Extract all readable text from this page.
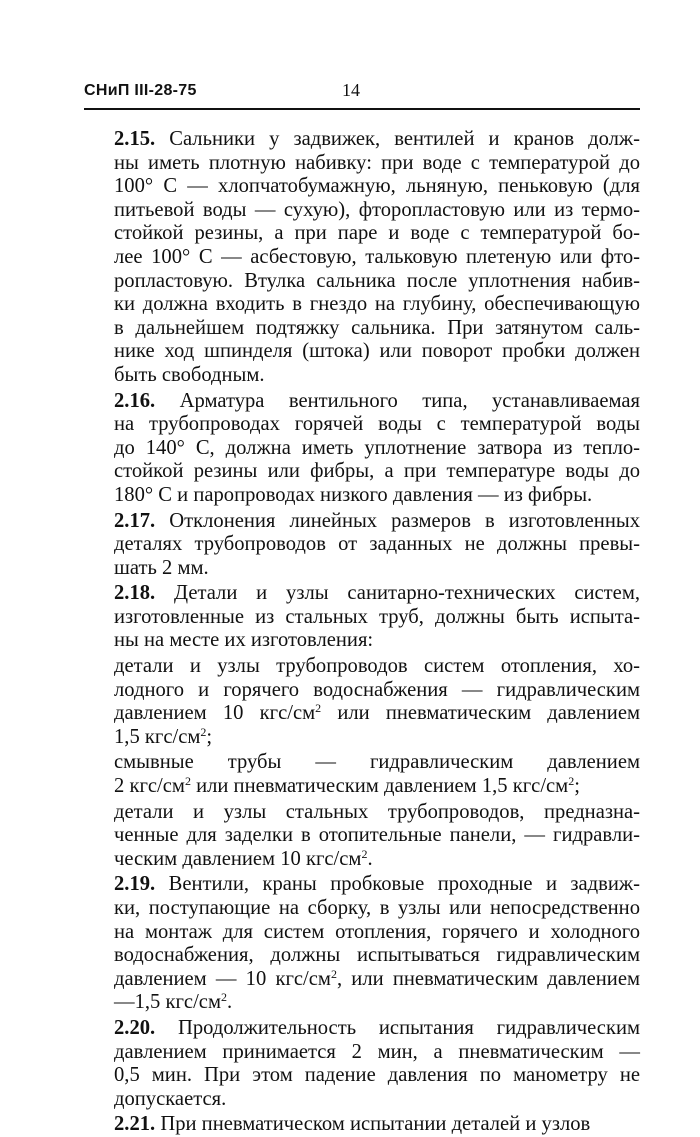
СНиП III-28-75	14
2.15. Сальники у задвижек, вентилей и кранов долж-
ны иметь плотную набивку: при воде с температурой до
100° С — хлопчатобумажную, льняную, пеньковую (для
питьевой воды — сухую), фторопластовую или из термо-
стойкой резины, а при паре и воде с температурой бо-
лее 100° С — асбестовую, тальковую плетеную или фто-
ропластовую. Втулка сальника после уплотнения набив-
ки должна входить в гнездо на глубину, обеспечивающую
в дальнейшем подтяжку сальника. При затянутом саль-
нике ход шпинделя (штока) или поворот пробки должен
быть свободным.
2.16. Арматура вентильного типа, устанавливаемая
на трубопроводах горячей воды с температурой воды
до 140° С, должна иметь уплотнение затвора из тепло-
стойкой резины или фибры, а при температуре воды до
180° С и паропроводах низкого давления — из фибры.
2.17. Отклонения линейных размеров в изготовленных
деталях трубопроводов от заданных не должны превы-
шать 2 мм.
2.18. Детали и узлы санитарно-технических систем,
изготовленные из стальных труб, должны быть испыта-
ны на месте их изготовления:
детали и узлы трубопроводов систем отопления, хо-
лодного и горячего водоснабжения — гидравлическим
давлением 10 кгс/$см^2$ или пневматическим давлением
1,5 кгс/$см^2$;
смывные трубы — гидравлическим давлением
2 кгс/$см^2$ или пневматическим давлением 1,5 кгс/$см^2$;
детали и узлы стальных трубопроводов, предназна-
ченные для заделки в отопительные панели, — гидравли-
ческим давлением 10 кгс/$см^2$.
2.19. Вентили, краны пробковые проходные и задвиж-
ки, поступающие на сборку, в узлы или непосредственно
на монтаж для систем отопления, горячего и холодного
водоснабжения, должны испытываться гидравлическим
давлением — 10 кгс/$см^2$, или пневматическим давлением
—1,5 кгс/$см^2$.
2.20. Продолжительность испытания гидравлическим
давлением принимается 2 мин, а пневматическим —
0,5 мин. При этом падение давления по манометру не
допускается.
2.21. При пневматическом испытании деталей и узлов
